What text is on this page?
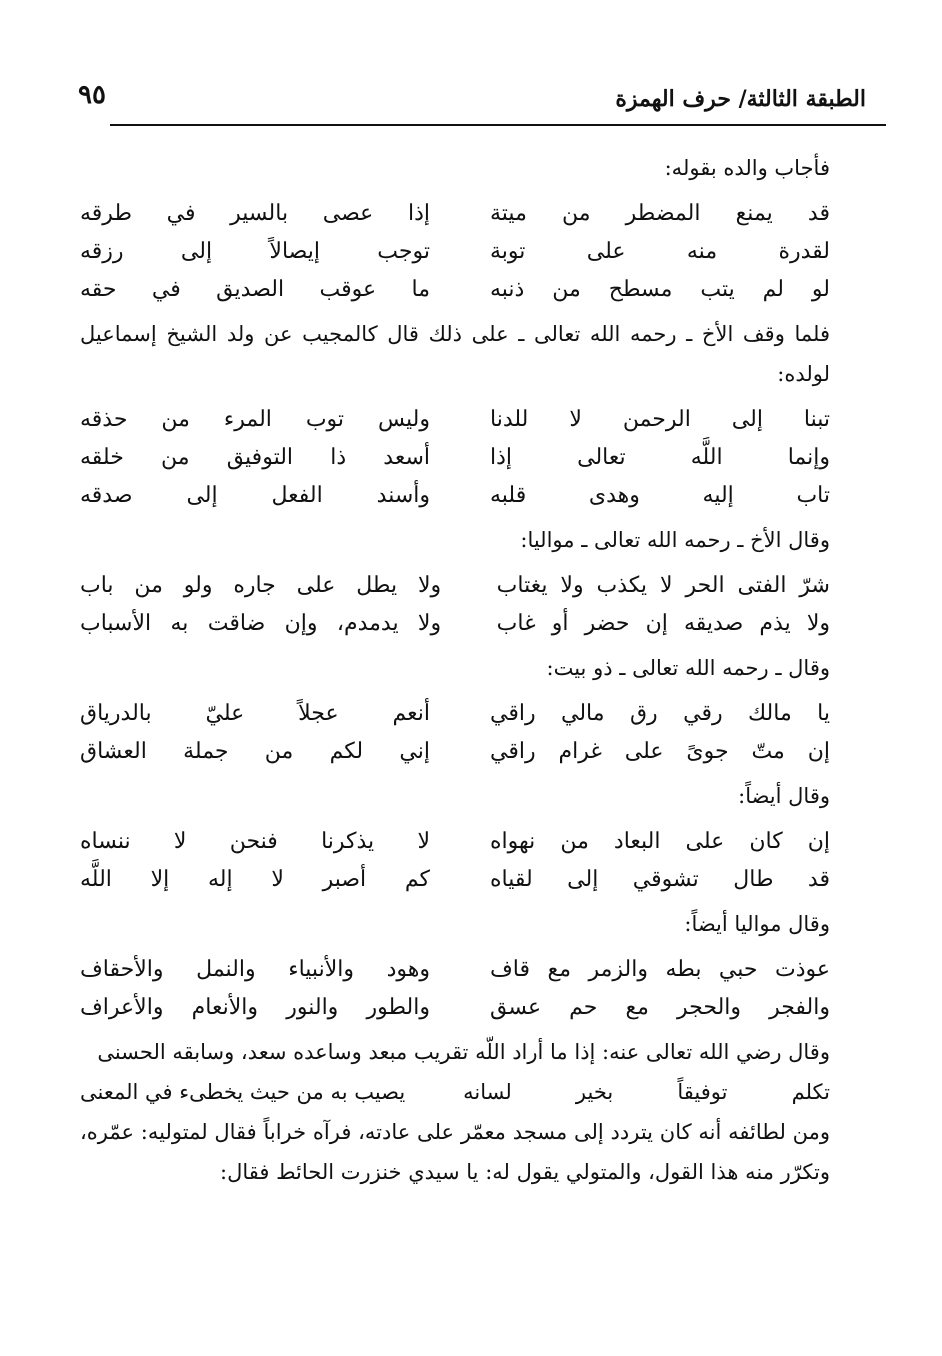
الطبقة الثالثة/ حرف الهمزة
٩٥

فأجاب والده بقوله:

قد يمنع المضطر من ميتة
إذا عصى بالسير في طرقه
لقدرة منه على توبة
توجب إيصالاً إلى رزقه
لو لم يتب مسطح من ذنبه
ما عوقب الصديق في حقه

فلما وقف الأخ ـ رحمه الله تعالى ـ على ذلك قال كالمجيب عن ولد الشيخ إسماعيل لولده:

تبنا إلى الرحمن لا للدنا
وليس توب المرء من حذقه
وإنما اللَّه تعالى إذا
أسعد ذا التوفيق من خلقه
تاب إليه وهدى قلبه
وأسند الفعل إلى صدقه

وقال الأخ ـ رحمه الله تعالى ـ مواليا:

شرّ الفتى الحر لا يكذب ولا يغتاب
ولا يطل على جاره ولو من باب
ولا يذم صديقه إن حضر أو غاب
ولا يدمدم، وإن ضاقت به الأسباب

وقال ـ رحمه الله تعالى ـ ذو بيت:

يا مالك رقي رق مالي راقي
أنعم عجلاً عليّ بالدرياق
إن متّ جوىً على غرام راقي
إني لكم من جملة العشاق

وقال أيضاً:

إن كان على البعاد من نهواه
لا يذكرنا فنحن لا ننساه
قد طال تشوقي إلى لقياه
كم أصبر لا إله إلا اللَّه

وقال مواليا أيضاً:

عوذت حبي بطه والزمر مع قاف
وهود والأنبياء والنمل والأحقاف
والفجر والحجر مع حم عسق
والطور والنور والأنعام والأعراف

وقال رضي الله تعالى عنه: إذا ما أراد اللّه تقريب مبعد وساعده سعد، وسابقه الحسنى

تكلم توفيقاً بخير لسانه
يصيب به من حيث يخطىء في المعنى

ومن لطائفه أنه كان يتردد إلى مسجد معمّر على عادته، فرآه خراباً فقال لمتوليه: عمّره، وتكرّر منه هذا القول، والمتولي يقول له: يا سيدي خنزرت الحائط فقال:
